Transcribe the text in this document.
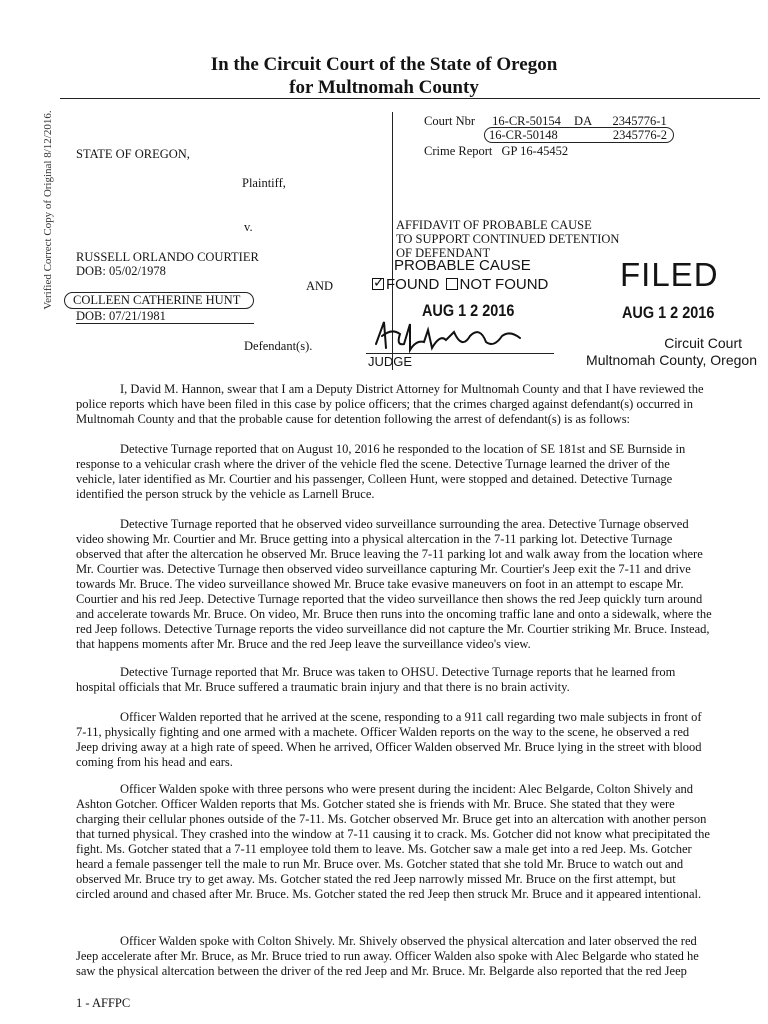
In the Circuit Court of the State of Oregon
for Multnomah County
Verified Correct Copy of Original 8/12/2016.	Court Nbr 16-CR-50154 DA 2345776-1
16-CR-50148	2345776-2
Crime Report GP 16-45452
STATE OF OREGON,
Plaintiff,
v.
RUSSELL ORLANDO COURTIER
DOB: 05/02/1978
AND
COLLEEN CATHERINE HUNT
DOB: 07/21/1981
Defendant(s).
AFFIDAVIT OF PROBABLE CAUSE
TO SUPPORT CONTINUED DETENTION
OF DEFENDANT
PROBABLE CAUSE
✓FOUND NOT FOUND
AUG 1 2 2016
JUDGE
FILED
AUG 1 2 2016
Circuit Court
Multnomah County, Oregon

I, David M. Hannon, swear that I am a Deputy District Attorney for Multnomah County and that I have reviewed the police reports which have been filed in this case by police officers; that the crimes charged against defendant(s) occurred in Multnomah County and that the probable cause for detention following the arrest of defendant(s) is as follows:

Detective Turnage reported that on August 10, 2016 he responded to the location of SE 181st and SE Burnside in response to a vehicular crash where the driver of the vehicle fled the scene. Detective Turnage learned the driver of the vehicle, later identified as Mr. Courtier and his passenger, Colleen Hunt, were stopped and detained. Detective Turnage identified the person struck by the vehicle as Larnell Bruce.

Detective Turnage reported that he observed video surveillance surrounding the area. Detective Turnage observed video showing Mr. Courtier and Mr. Bruce getting into a physical altercation in the 7-11 parking lot. Detective Turnage observed that after the altercation he observed Mr. Bruce leaving the 7-11 parking lot and walk away from the location where Mr. Courtier was. Detective Turnage then observed video surveillance capturing Mr. Courtier's Jeep exit the 7-11 and drive towards Mr. Bruce. The video surveillance showed Mr. Bruce take evasive maneuvers on foot in an attempt to escape Mr. Courtier and his red Jeep. Detective Turnage reported that the video surveillance then shows the red Jeep quickly turn around and accelerate towards Mr. Bruce. On video, Mr. Bruce then runs into the oncoming traffic lane and onto a sidewalk, where the red Jeep follows. Detective Turnage reports the video surveillance did not capture the Mr. Courtier striking Mr. Bruce. Instead, that happens moments after Mr. Bruce and the red Jeep leave the surveillance video's view.

Detective Turnage reported that Mr. Bruce was taken to OHSU. Detective Turnage reports that he learned from hospital officials that Mr. Bruce suffered a traumatic brain injury and that there is no brain activity.

Officer Walden reported that he arrived at the scene, responding to a 911 call regarding two male subjects in front of 7-11, physically fighting and one armed with a machete. Officer Walden reports on the way to the scene, he observed a red Jeep driving away at a high rate of speed. When he arrived, Officer Walden observed Mr. Bruce lying in the street with blood coming from his head and ears.

Officer Walden spoke with three persons who were present during the incident: Alec Belgarde, Colton Shively and Ashton Gotcher. Officer Walden reports that Ms. Gotcher stated she is friends with Mr. Bruce. She stated that they were charging their cellular phones outside of the 7-11. Ms. Gotcher observed Mr. Bruce get into an altercation with another person that turned physical. They crashed into the window at 7-11 causing it to crack. Ms. Gotcher did not know what precipitated the fight. Ms. Gotcher stated that a 7-11 employee told them to leave. Ms. Gotcher saw a male get into a red Jeep. Ms. Gotcher heard a female passenger tell the male to run Mr. Bruce over. Ms. Gotcher stated that she told Mr. Bruce to watch out and observed Mr. Bruce try to get away. Ms. Gotcher stated the red Jeep narrowly missed Mr. Bruce on the first attempt, but circled around and chased after Mr. Bruce. Ms. Gotcher stated the red Jeep then struck Mr. Bruce and it appeared intentional.

Officer Walden spoke with Colton Shively. Mr. Shively observed the physical altercation and later observed the red Jeep accelerate after Mr. Bruce, as Mr. Bruce tried to run away. Officer Walden also spoke with Alec Belgarde who stated he saw the physical altercation between the driver of the red Jeep and Mr. Bruce. Mr. Belgarde also reported that the red Jeep

1 - AFFPC
